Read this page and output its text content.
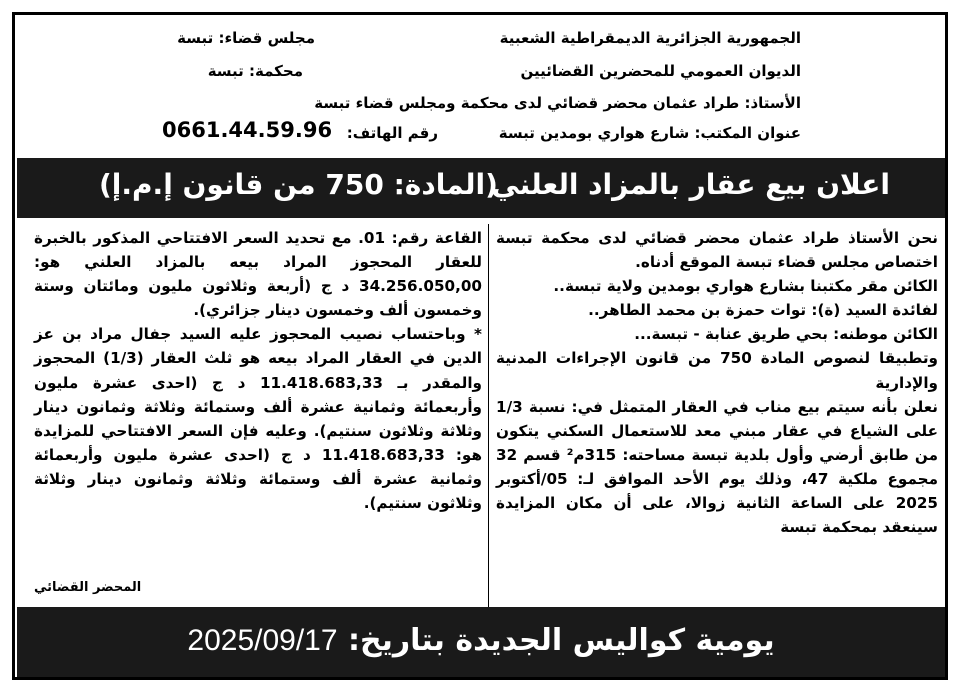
الجمهورية الجزائرية الديمقراطية الشعبية
الديوان العمومي للمحضرين القضائيين
الأستاذ: طراد عثمان محضر قضائي لدى محكمة ومجلس قضاء تبسة
عنوان المكتب: شارع هواري بومدين تبسة
مجلس قضاء: تبسة
محكمة: تبسة
رقم الهاتف:
0661.44.59.96
اعلان بيع عقار بالمزاد العلني
(المادة: 750 من قانون إ.م.إ)

نحن الأستاذ طراد عثمان محضر قضائي لدى محكمة تبسة اختصاص مجلس قضاء تبسة الموقع أدناه.

الكائن مقر مكتبنا بشارع هواري بومدين ولاية تبسة..

لفائدة السيد (ة): توات حمزة بن محمد الطاهر..

الكائن موطنه: بحي طريق عنابة - تبسة...

وتطبيقا لنصوص المادة 750 من قانون الإجراءات المدنية والإدارية

نعلن بأنه سيتم بيع مناب في العقار المتمثل في: نسبة 1/3 على الشياع في عقار مبني معد للاستعمال السكني يتكون من طابق أرضي وأول بلدية تبسة مساحته: 315م² قسم 32 مجموع ملكية 47، وذلك يوم الأحد الموافق لـ: 05/أكتوبر 2025 على الساعة الثانية زوالا، على أن مكان المزايدة سينعقد بمحكمة تبسة

القاعة رقم: 01. مع تحديد السعر الافتتاحي المذكور بالخبرة للعقار المحجوز المراد بيعه بالمزاد العلني هو: 34.256.050,00 د ج (أربعة وثلاثون مليون ومائتان وستة وخمسون ألف وخمسون دينار جزائري).

* وباحتساب نصيب المحجوز عليه السيد جفال مراد بن عز الدين في العقار المراد بيعه هو ثلث العقار (1/3) المحجوز والمقدر بـ 11.418.683,33 د ج (احدى عشرة مليون وأربعمائة وثمانية عشرة ألف وستمائة وثلاثة وثمانون دينار وثلاثة وثلاثون سنتيم). وعليه فإن السعر الافتتاحي للمزايدة هو: 11.418.683,33 د ج (احدى عشرة مليون وأربعمائة وثمانية عشرة ألف وستمائة وثلاثة وثمانون دينار وثلاثة وثلاثون سنتيم).

المحضر القضائي
يومية كواليس الجديدة بتاريخ: 2025/09/17
